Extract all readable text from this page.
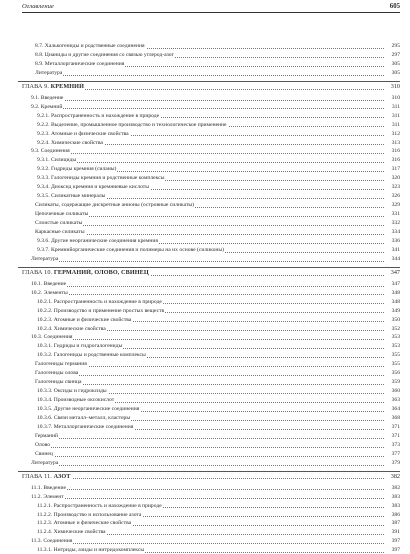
Оглавление	605
8.7. Халькогениды и родственные соединения	295
8.8. Цианиды и другие соединения со связью углерод-азот	297
8.9. Металлорганические соединения	305
Литература	305
ГЛАВА 9. КРЕМНИЙ	310
9.1. Введение	310
9.2. Кремний	311
9.2.1. Распространенность и нахождение в природе	311
9.2.2. Выделение, промышленное производство и технологическое применение	311
9.2.3. Атомные и физические свойства	312
9.2.4. Химические свойства	313
9.3. Соединения	316
9.3.1. Силициды	316
9.3.2. Гидриды кремния (силаны)	317
9.3.3. Галогениды кремния и родственные комплексы	320
9.3.4. Диоксид кремния и кремниевые кислоты	323
9.3.5. Силикатные минералы	326
Силикаты, содержащие дискретные анионы (островные силикаты)	329
Цепочечные силикаты	331
Слоистые силикаты	332
Каркасные силикаты	334
9.3.6. Другие неорганические соединения кремния	336
9.3.7. Кремнийорганические соединения и полимеры на их основе (силиконы)	341
Литература	344
ГЛАВА 10. ГЕРМАНИЙ, ОЛОВО, СВИНЕЦ	347
10.1. Введение	347
10.2. Элементы	348
10.2.1. Распространенность и нахождение в природе	348
10.2.2. Производство и применение простых веществ	349
10.2.3. Атомные и физические свойства	350
10.2.4. Химические свойства	352
10.3. Соединения	353
10.3.1. Гидриды и гидрогалогениды	353
10.3.2. Галогениды и родственные комплексы	355
Галогениды германия	355
Галогениды олова	356
Галогениды свинца	359
10.3.3. Оксиды и гидроксиды	360
10.3.4. Производные оксокислот	363
10.3.5. Другие неорганические соединения	364
10.3.6. Связи металл–металл, кластеры	368
10.3.7. Металлорганические соединения	371
Германий	371
Олово	373
Свинец	377
Литература	379
ГЛАВА 11. АЗОТ	382
11.1. Введение	382
11.2. Элемент	383
11.2.1. Распространенность и нахождение в природе	383
11.2.2. Производство и использование азота	386
11.2.3. Атомные и физические свойства	387
11.2.4. Химические свойства	391
11.3. Соединения	397
11.3.1. Нитриды, азиды и нитридокомплексы	397
